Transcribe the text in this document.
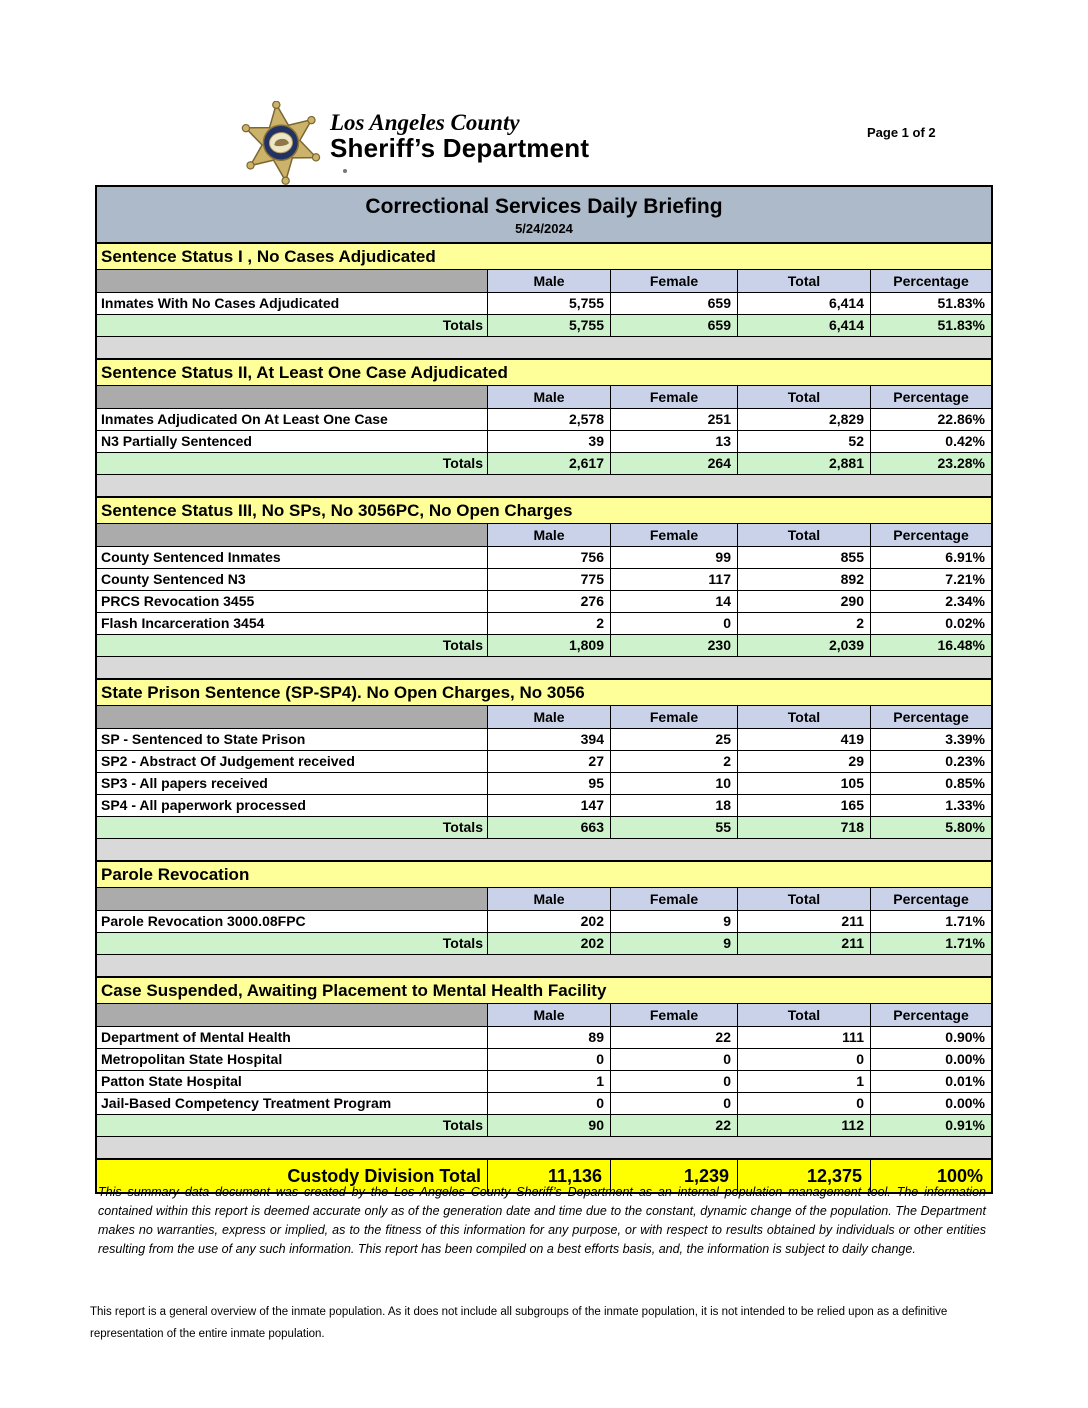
Los Angeles County
Sheriff’s Department
Page 1 of 2
Correctional Services Daily Briefing
5/24/2024
Sentence Status I , No Cases Adjudicated
Male	Female	Total	Percentage
Inmates With No Cases Adjudicated	5,755	659	6,414	51.83%
Totals	5,755	659	6,414	51.83%
Sentence Status II, At Least One Case Adjudicated
Male	Female	Total	Percentage
Inmates Adjudicated On At Least One Case	2,578	251	2,829	22.86%
N3 Partially Sentenced	39	13	52	0.42%
Totals	2,617	264	2,881	23.28%
Sentence Status III, No SPs, No 3056PC, No Open Charges
Male	Female	Total	Percentage
County Sentenced Inmates	756	99	855	6.91%
County Sentenced N3	775	117	892	7.21%
PRCS Revocation 3455	276	14	290	2.34%
Flash Incarceration 3454	2	0	2	0.02%
Totals	1,809	230	2,039	16.48%
State Prison Sentence (SP-SP4). No Open Charges, No 3056
Male	Female	Total	Percentage
SP - Sentenced to State Prison	394	25	419	3.39%
SP2 - Abstract Of Judgement received	27	2	29	0.23%
SP3 - All papers received	95	10	105	0.85%
SP4 - All paperwork processed	147	18	165	1.33%
Totals	663	55	718	5.80%
Parole Revocation
Male	Female	Total	Percentage
Parole Revocation 3000.08FPC	202	9	211	1.71%
Totals	202	9	211	1.71%
Case Suspended, Awaiting Placement to Mental Health Facility
Male	Female	Total	Percentage
Department of Mental Health	89	22	111	0.90%
Metropolitan State Hospital	0	0	0	0.00%
Patton State Hospital	1	0	1	0.01%
Jail-Based Competency Treatment Program	0	0	0	0.00%
Totals	90	22	112	0.91%
Custody Division Total	11,136	1,239	12,375	100%
This summary data document was created by the Los Angeles County Sheriff’s Department as an internal population management tool. The information contained within this report is deemed accurate only as of the generation date and time due to the constant, dynamic change of the population. The Department makes no warranties, express or implied, as to the fitness of this information for any purpose, or with respect to results obtained by individuals or other entities resulting from the use of any such information. This report has been compiled on a best efforts basis, and, the information is subject to daily change.
This report is a general overview of the inmate population. As it does not include all subgroups of the inmate population, it is not intended to be relied upon as a definitive representation of the entire inmate population.
